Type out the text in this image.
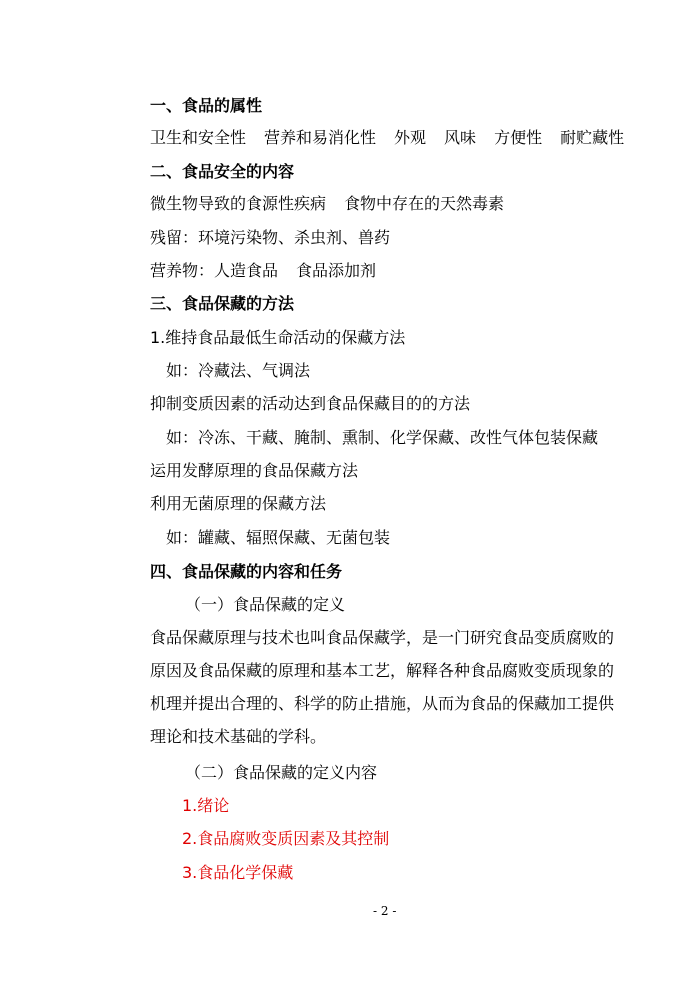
一、食品的属性
卫生和安全性 营养和易消化性 外观 风味 方便性 耐贮藏性
二、食品安全的内容
微生物导致的食源性疾病 食物中存在的天然毒素
残留：环境污染物、杀虫剂、兽药
营养物：人造食品 食品添加剂
三、食品保藏的方法
1.维持食品最低生命活动的保藏方法
如：冷藏法、气调法
抑制变质因素的活动达到食品保藏目的的方法
如：冷冻、干藏、腌制、熏制、化学保藏、改性气体包装保藏
运用发酵原理的食品保藏方法
利用无菌原理的保藏方法
如：罐藏、辐照保藏、无菌包装
四、食品保藏的内容和任务
（一）食品保藏的定义
食品保藏原理与技术也叫食品保藏学，是一门研究食品变质腐败的
原因及食品保藏的原理和基本工艺，解释各种食品腐败变质现象的
机理并提出合理的、科学的防止措施，从而为食品的保藏加工提供
理论和技术基础的学科。
（二）食品保藏的定义内容
1.绪论
2.食品腐败变质因素及其控制
3.食品化学保藏
- 2 -
